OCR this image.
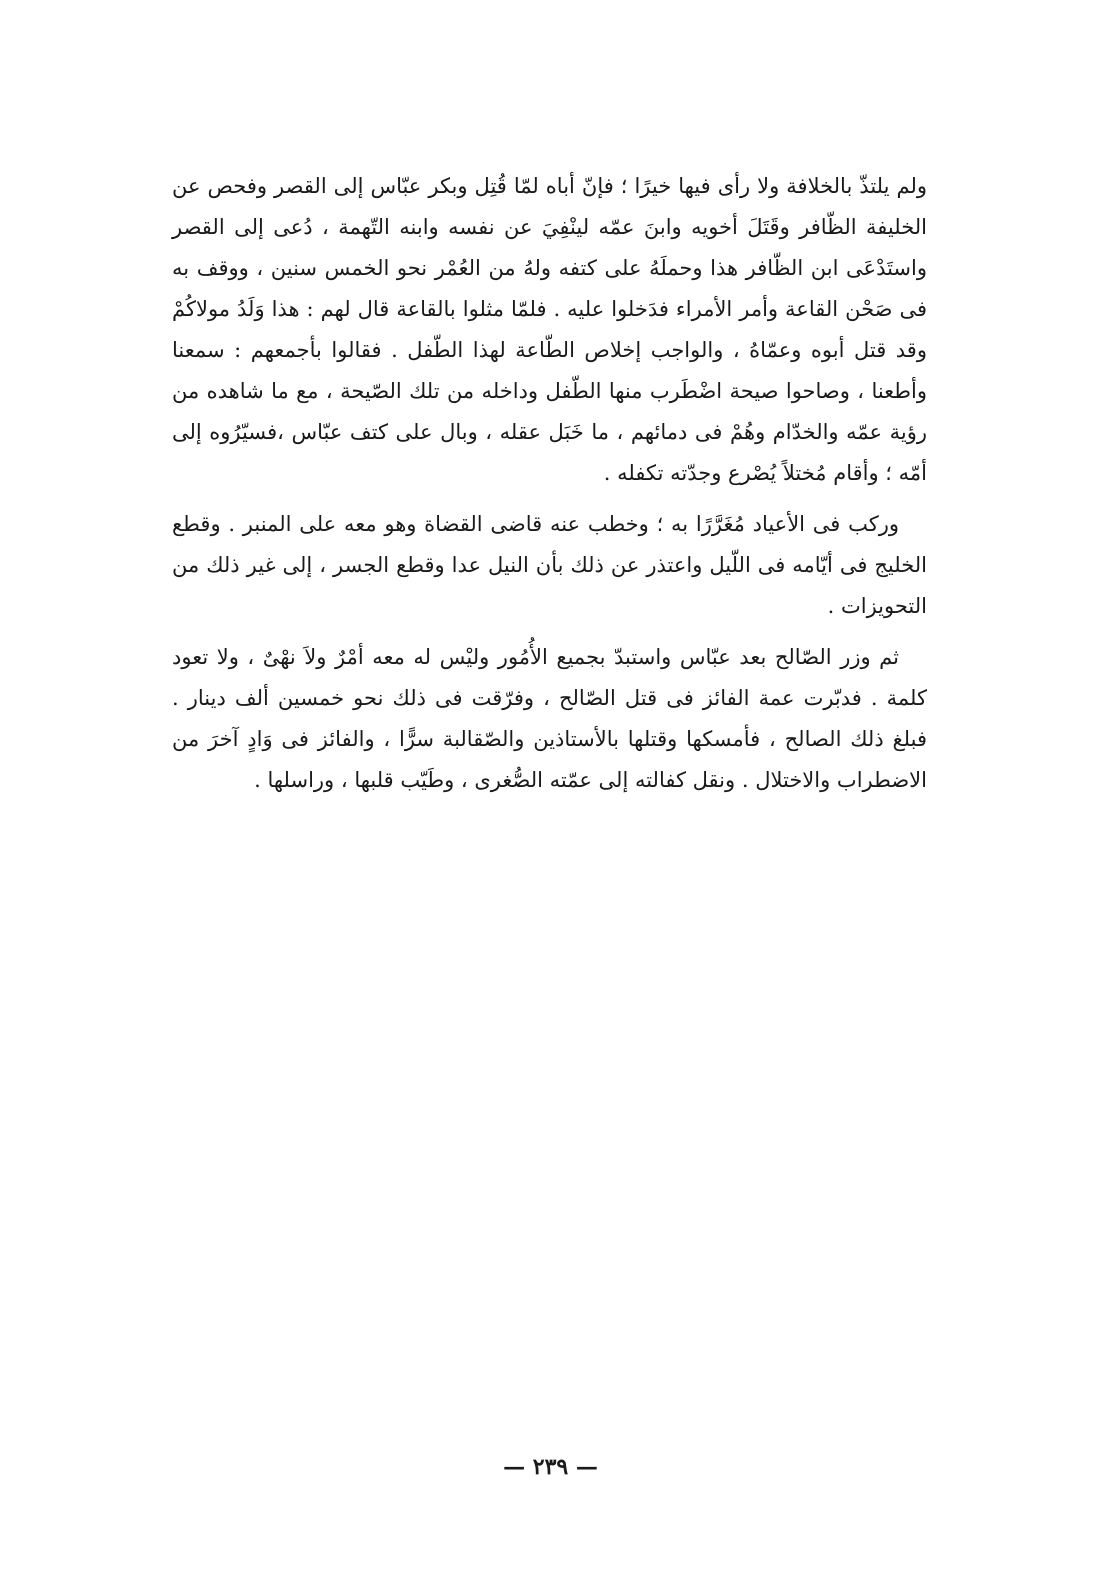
ولم يلتذّ بالخلافة ولا رأى فيها خيرًا ؛ فإنّ أباه لمّا قُتِل وبكر عبّاس إلى القصر وفحص عن الخليفة الظّافر وقَتَلَ أخويه وابنَ عمّه لينْفِيَ عن نفسه وابنه التّهمة ، دُعى إلى القصر واستَدْعَى ابن الظّافر هذا وحملَهُ على كتفه ولهُ من العُمْر نحو الخمس سنين ، ووقف به فى صَحْن القاعة وأمر الأمراء فدَخلوا عليه . فلمّا مثلوا بالقاعة قال لهم : هذا وَلَدُ مولاكُمْ وقد قتل أبوه وعمّاهُ ، والواجب إخلاص الطّاعة لهذا الطّفل . فقالوا بأجمعهم : سمعنا وأطعنا ، وصاحوا صيحة اضْطَرب منها الطّفل وداخله من تلك الصّيحة ، مع ما شاهده من رؤية عمّه والخدّام وهُمْ فى دمائهم ، ما خَبَل عقله ، وبال على كتف عبّاس ،فسيّرُوه إلى أمّه ؛ وأقام مُختلاً يُصْرع وجدّته تكفله .

وركب فى الأعياد مُغَرَّرًا به ؛ وخطب عنه قاضى القضاة وهو معه على المنبر . وقطع الخليج فى أيّامه فى اللّيل واعتذر عن ذلك بأن النيل عدا وقطع الجسر ، إلى غير ذلك من التحويزات .

ثم وزر الصّالح بعد عبّاس واستبدّ بجميع الأُمُور وليْس له معه أمْرٌ ولاَ نهْىٌ ، ولا تعود كلمة . فدبّرت عمة الفائز فى قتل الصّالح ، وفرّقت فى ذلك نحو خمسين ألف دينار . فبلغ ذلك الصالح ، فأمسكها وقتلها بالأستاذين والصّقالبة سرًّا ، والفائز فى وَادٍ آخرَ من الاضطراب والاختلال . ونقل كفالته إلى عمّته الصُّغرى ، وطَيّب قلبها ، وراسلها .

— ٢٣٩ —
